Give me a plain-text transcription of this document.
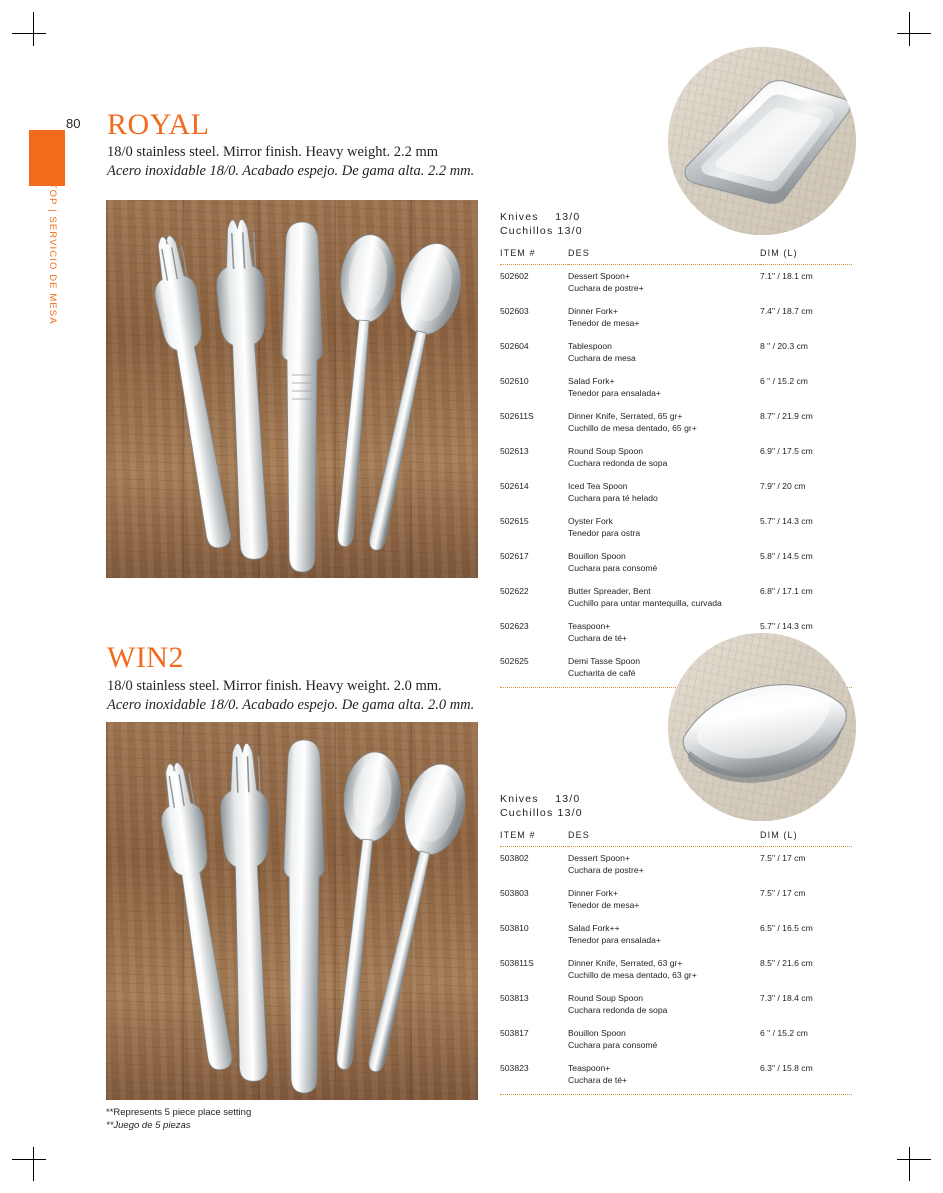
80
TABLETOP | SERVICIO DE MESA
ROYAL
18/0 stainless steel. Mirror finish. Heavy weight. 2.2 mm
Acero inoxidable 18/0. Acabado espejo. De gama alta. 2.2 mm.
Knives 13/0
Cuchillos 13/0
ITEM #	DES	DIM (L)
502602	Dessert Spoon+
Cuchara de postre+	7.1" / 18.1 cm
502603	Dinner Fork+
Tenedor de mesa+	7.4" / 18.7 cm
502604	Tablespoon
Cuchara de mesa	8 " / 20.3 cm
502610	Salad Fork+
Tenedor para ensalada+	6 " / 15.2 cm
502611S	Dinner Knife, Serrated, 65 gr+
Cuchillo de mesa dentado, 65 gr+	8.7" / 21.9 cm
502613	Round Soup Spoon
Cuchara redonda de sopa	6.9" / 17.5 cm
502614	Iced Tea Spoon
Cuchara para té helado	7.9" / 20 cm
502615	Oyster Fork
Tenedor para ostra	5.7" / 14.3 cm
502617	Bouillon Spoon
Cuchara para consomé	5.8" / 14.5 cm
502622	Butter Spreader, Bent
Cuchillo para untar mantequilla, curvada	6.8" / 17.1 cm
502623	Teaspoon+
Cuchara de té+	5.7" / 14.3 cm
502625	Demi Tasse Spoon
Cucharita de café

WIN2
18/0 stainless steel. Mirror finish. Heavy weight. 2.0 mm.
Acero inoxidable 18/0. Acabado espejo. De gama alta. 2.0 mm.
Knives 13/0
Cuchillos 13/0
ITEM #	DES	DIM (L)
503802	Dessert Spoon+
Cuchara de postre+	7.5" / 17 cm
503803	Dinner Fork+
Tenedor de mesa+	7.5" / 17 cm
503810	Salad Fork++
Tenedor para ensalada+	6.5" / 16.5 cm
503811S	Dinner Knife, Serrated, 63 gr+
Cuchillo de mesa dentado, 63 gr+	8.5" / 21.6 cm
503813	Round Soup Spoon
Cuchara redonda de sopa	7.3" / 18.4 cm
503817	Bouillon Spoon
Cuchara para consomé	6 " / 15.2 cm
503823	Teaspoon+
Cuchara de té+	6.3" / 15.8 cm
**Represents 5 piece place setting
**Juego de 5 piezas
